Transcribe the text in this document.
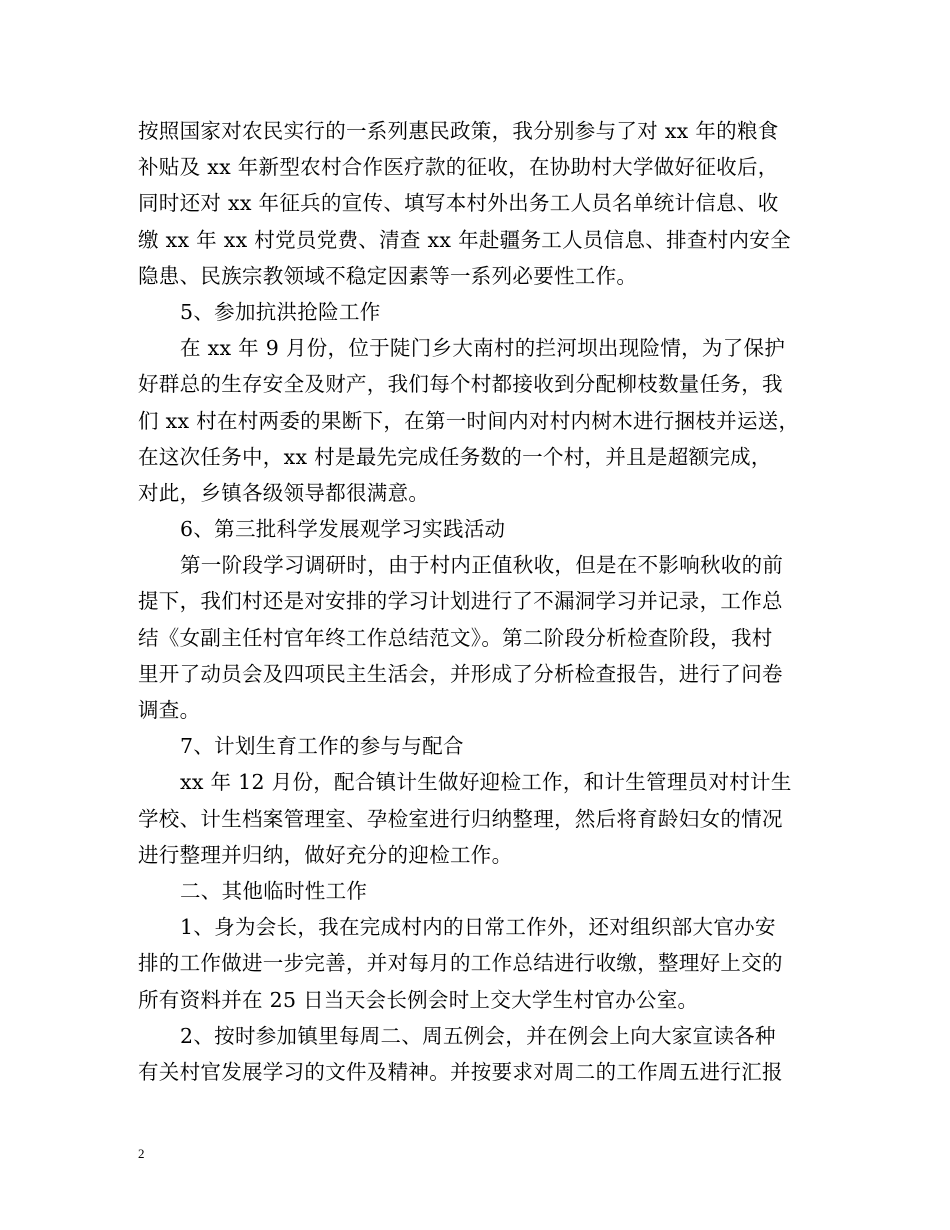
按照国家对农民实行的一系列惠民政策，我分别参与了对 xx 年的粮食
补贴及 xx 年新型农村合作医疗款的征收，在协助村大学做好征收后，
同时还对 xx 年征兵的宣传、填写本村外出务工人员名单统计信息、收
缴 xx 年 xx 村党员党费、清查 xx 年赴疆务工人员信息、排查村内安全
隐患、民族宗教领域不稳定因素等一系列必要性工作。
5、参加抗洪抢险工作
在 xx 年 9 月份，位于陡门乡大南村的拦河坝出现险情，为了保护
好群总的生存安全及财产，我们每个村都接收到分配柳枝数量任务，我
们 xx 村在村两委的果断下，在第一时间内对村内树木进行捆枝并运送，
在这次任务中，xx 村是最先完成任务数的一个村，并且是超额完成，
对此，乡镇各级领导都很满意。
6、第三批科学发展观学习实践活动
第一阶段学习调研时，由于村内正值秋收，但是在不影响秋收的前
提下，我们村还是对安排的学习计划进行了不漏洞学习并记录，工作总
结《女副主任村官年终工作总结范文》。第二阶段分析检查阶段，我村
里开了动员会及四项民主生活会，并形成了分析检查报告，进行了问卷
调查。
7、计划生育工作的参与与配合
xx 年 12 月份，配合镇计生做好迎检工作，和计生管理员对村计生
学校、计生档案管理室、孕检室进行归纳整理，然后将育龄妇女的情况
进行整理并归纳，做好充分的迎检工作。
二、其他临时性工作
1、身为会长，我在完成村内的日常工作外，还对组织部大官办安
排的工作做进一步完善，并对每月的工作总结进行收缴，整理好上交的
所有资料并在 25 日当天会长例会时上交大学生村官办公室。
2、按时参加镇里每周二、周五例会，并在例会上向大家宣读各种
有关村官发展学习的文件及精神。并按要求对周二的工作周五进行汇报
2
